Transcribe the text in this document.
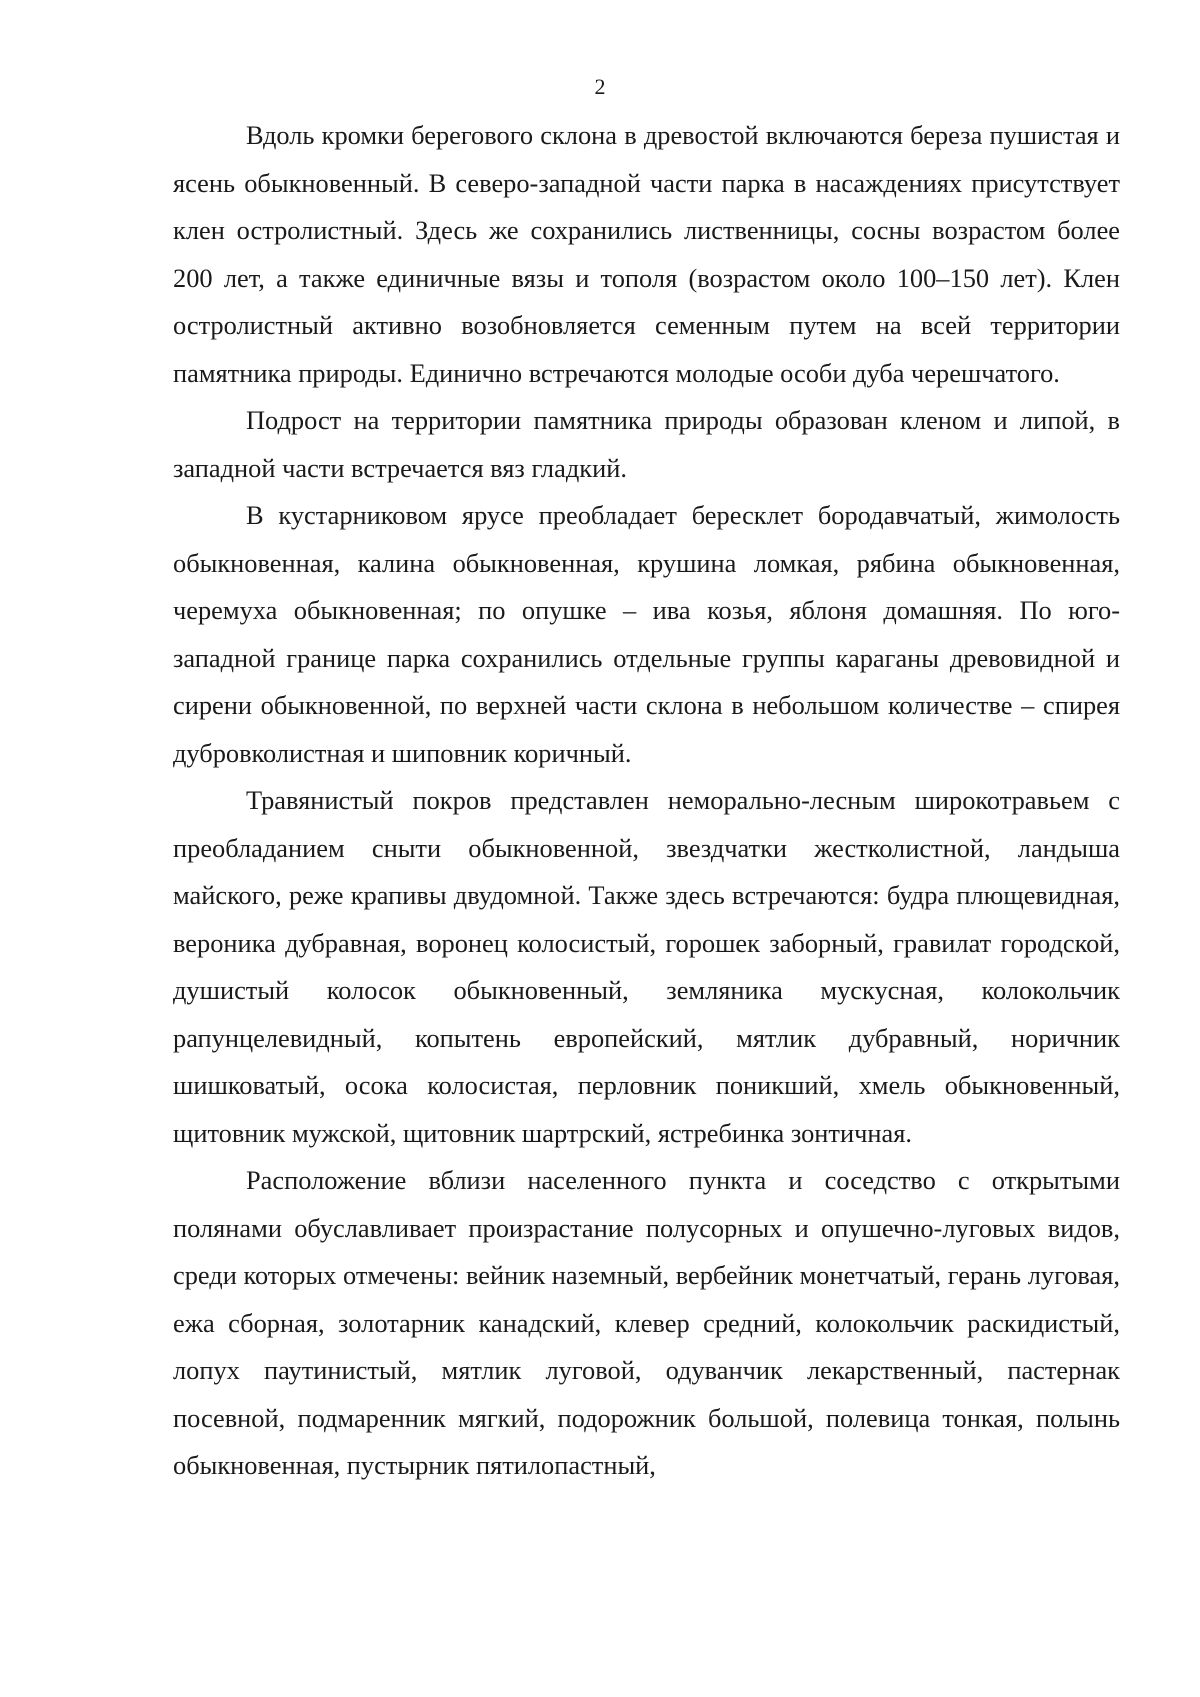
2

Вдоль кромки берегового склона в древостой включаются береза пушистая и ясень обыкновенный. В северо-западной части парка в насаждениях присутствует клен остролистный. Здесь же сохранились лиственницы, сосны возрастом более 200 лет, а также единичные вязы и тополя (возрастом около 100–150 лет). Клен остролистный активно возобновляется семенным путем на всей территории памятника природы. Единично встречаются молодые особи дуба черешчатого.

Подрост на территории памятника природы образован кленом и липой, в западной части встречается вяз гладкий.

В кустарниковом ярусе преобладает бересклет бородавчатый, жимолость обыкновенная, калина обыкновенная, крушина ломкая, рябина обыкновенная, черемуха обыкновенная; по опушке – ива козья, яблоня домашняя. По юго-западной границе парка сохранились отдельные группы караганы древовидной и сирени обыкновенной, по верхней части склона в небольшом количестве – спирея дубровколистная и шиповник коричный.

Травянистый покров представлен неморально-лесным широкотравьем с преобладанием сныти обыкновенной, звездчатки жестколистной, ландыша майского, реже крапивы двудомной. Также здесь встречаются: будра плющевидная, вероника дубравная, воронец колосистый, горошек заборный, гравилат городской, душистый колосок обыкновенный, земляника мускусная, колокольчик рапунцелевидный, копытень европейский, мятлик дубравный, норичник шишковатый, осока колосистая, перловник поникший, хмель обыкновенный, щитовник мужской, щитовник шартрский, ястребинка зонтичная.

Расположение вблизи населенного пункта и соседство с открытыми полянами обуславливает произрастание полусорных и опушечно-луговых видов, среди которых отмечены: вейник наземный, вербейник монетчатый, герань луговая, ежа сборная, золотарник канадский, клевер средний, колокольчик раскидистый, лопух паутинистый, мятлик луговой, одуванчик лекарственный, пастернак посевной, подмаренник мягкий, подорожник большой, полевица тонкая, полынь обыкновенная, пустырник пятилопастный,
